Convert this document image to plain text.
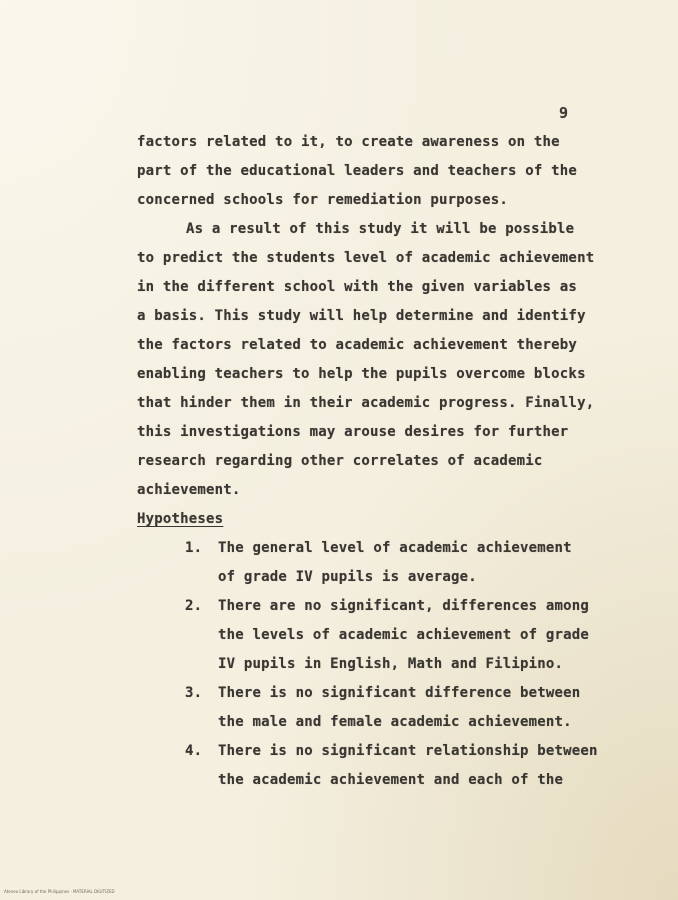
9
factors related to it, to create awareness on the
part of the educational leaders and teachers of the
concerned schools for remediation purposes.
As a result of this study it will be possible
to predict the students level of academic achievement
in the different school with the given variables as
a basis. This study will help determine and identify
the factors related to academic achievement thereby
enabling teachers to help the pupils overcome blocks
that hinder them in their academic progress. Finally,
this investigations may arouse desires for further
research regarding other correlates of academic
achievement.
Hypotheses
1. The general level of academic achievement
of grade IV pupils is average.
2. There are no significant, differences among
the levels of academic achievement of grade
IV pupils in English, Math and Filipino.
3. There is no significant difference between
the male and female academic achievement.
4. There is no significant relationship between
the academic achievement and each of the
Ateneo Library of the Philippines · MATERIAL DIGITIZED
